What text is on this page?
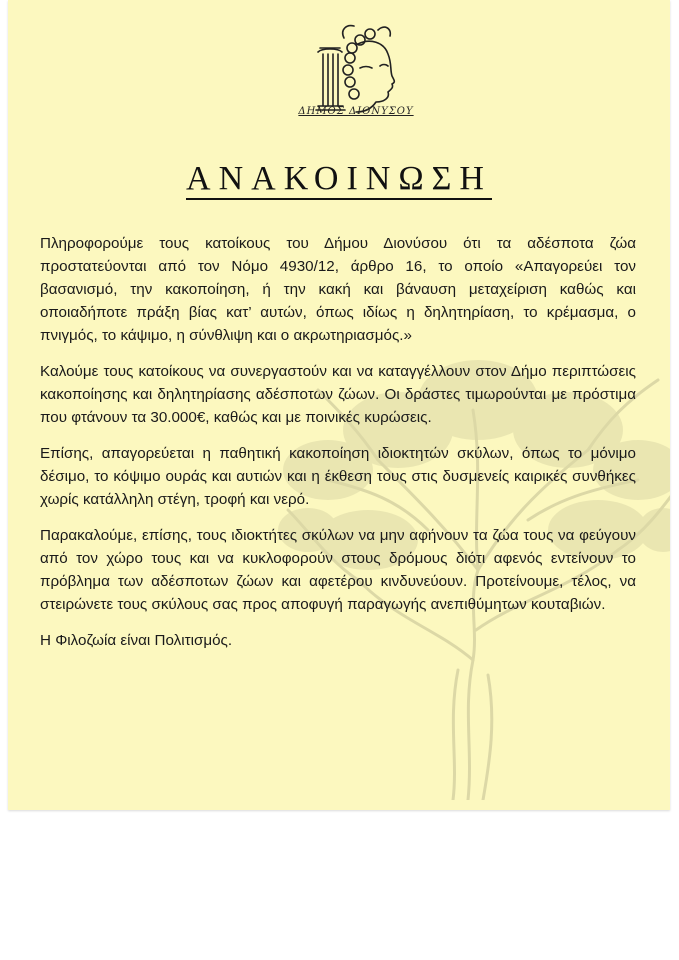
ΔΗΜΟΣ ΔΙΟΝΥΣΟΥ
ΑΝΑΚΟΙΝΩΣΗ

Πληροφορούμε τους κατοίκους του Δήμου Διονύσου ότι τα αδέσποτα ζώα προστατεύονται από τον Νόμο 4930/12, άρθρο 16, το οποίο «Απαγορεύει τον βασανισμό, την κακοποίηση, ή την κακή και βάναυση μεταχείριση καθώς και οποιαδήποτε πράξη βίας κατ’ αυτών, όπως ιδίως η δηλητηρίαση, το κρέμασμα, ο πνιγμός, το κάψιμο, η σύνθλιψη και ο ακρωτηριασμός.»

Καλούμε τους κατοίκους να συνεργαστούν και να καταγγέλλουν στον Δήμο περιπτώσεις κακοποίησης και δηλητηρίασης αδέσποτων ζώων. Οι δράστες τιμωρούνται με πρόστιμα που φτάνουν τα 30.000€, καθώς και με ποινικές κυρώσεις.

Επίσης, απαγορεύεται η παθητική κακοποίηση ιδιοκτητών σκύλων, όπως το μόνιμο δέσιμο, το κόψιμο ουράς και αυτιών και η έκθεση τους στις δυσμενείς καιρικές συνθήκες χωρίς κατάλληλη στέγη, τροφή και νερό.

Παρακαλούμε, επίσης, τους ιδιοκτήτες σκύλων να μην αφήνουν τα ζώα τους να φεύγουν από τον χώρο τους και να κυκλοφορούν στους δρόμους διότι αφενός εντείνουν το πρόβλημα των αδέσποτων ζώων και αφετέρου κινδυνεύουν. Προτείνουμε, τέλος, να στειρώνετε τους σκύλους σας προς αποφυγή παραγωγής ανεπιθύμητων κουταβιών.

Η Φιλοζωία είναι Πολιτισμός.
